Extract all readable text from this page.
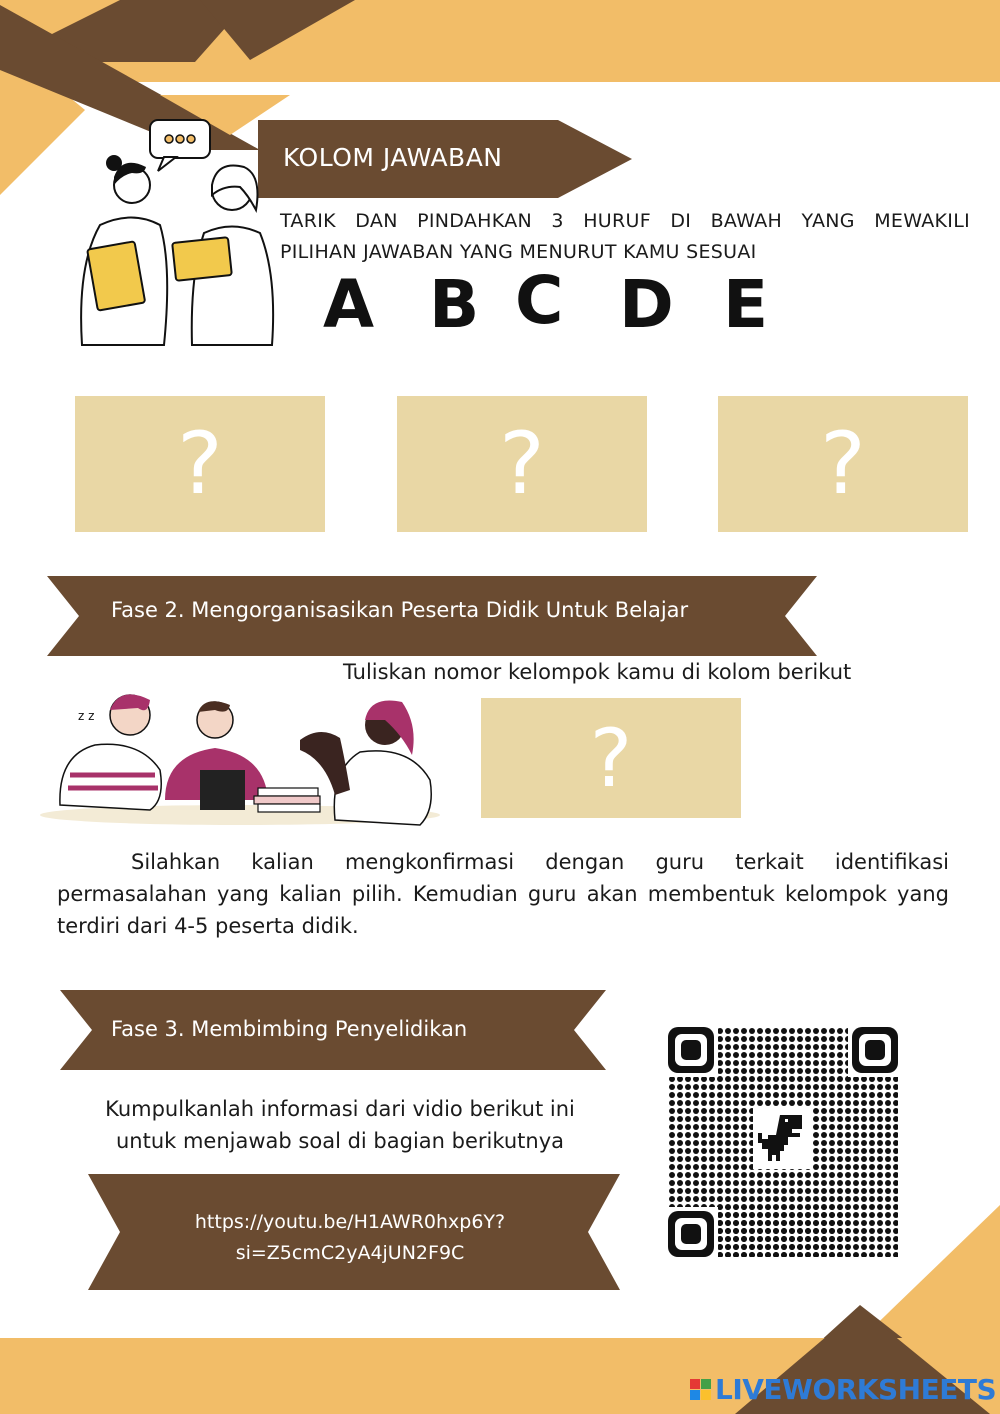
KOLOM JAWABAN
TARIK DAN PINDAHKAN 3 HURUF DI BAWAH YANG MEWAKILI
PILIHAN JAWABAN YANG MENURUT KAMU SESUAI
A B C D E
?	?	?
Fase 2. Mengorganisasikan Peserta Didik Untuk Belajar
Tuliskan nomor kelompok kamu di kolom berikut
z z	?
Silahkan kalian mengkonfirmasi dengan guru terkait identifikasi permasalahan yang kalian pilih. Kemudian guru akan membentuk kelompok yang terdiri dari 4-5 peserta didik.
Fase 3. Membimbing Penyelidikan
Kumpulkanlah informasi dari vidio berikut ini
untuk menjawab soal di bagian berikutnya
https://youtu.be/H1AWR0hxp6Y?
si=Z5cmC2yA4jUN2F9C
LIVEWORKSHEETS
